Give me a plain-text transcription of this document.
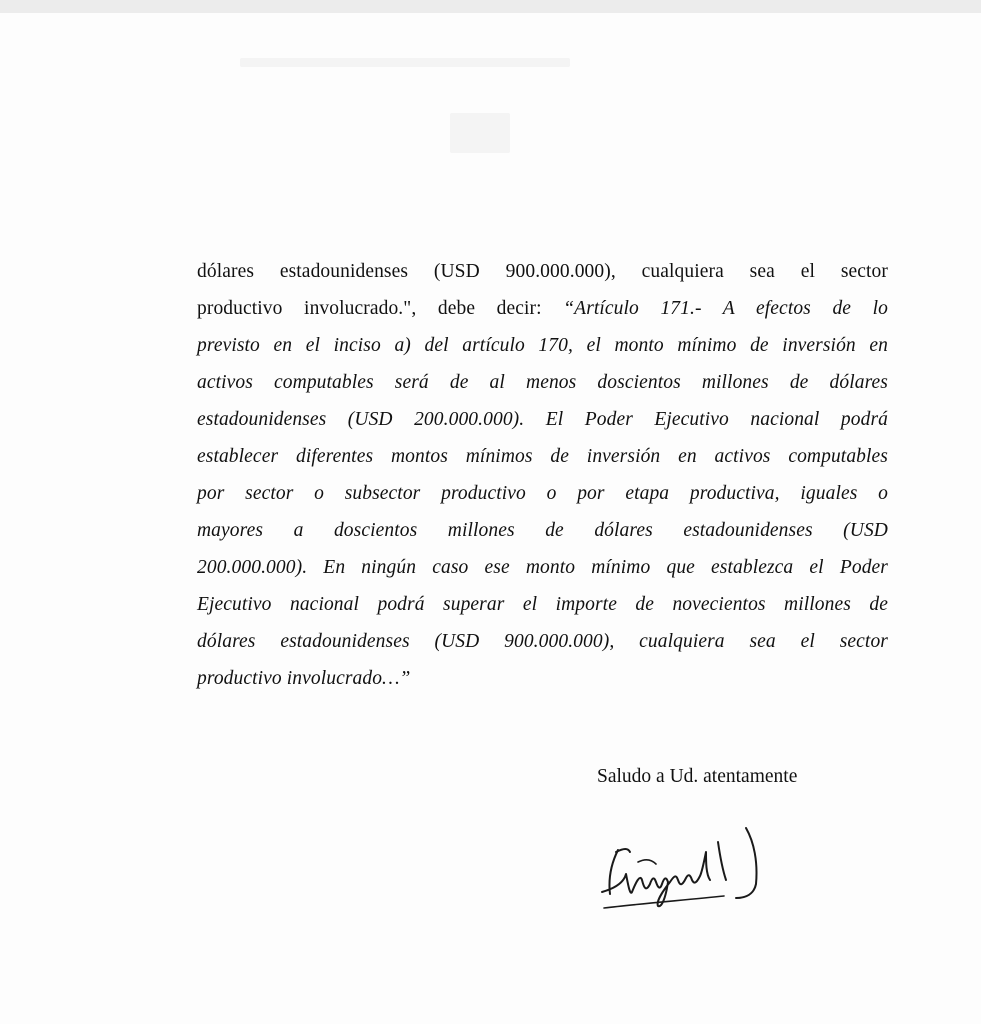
dólares estadounidenses (USD 900.000.000), cualquiera sea el sector
productivo involucrado.", debe decir: “Artículo 171.- A efectos de lo
previsto en el inciso a) del artículo 170, el monto mínimo de inversión en
activos computables será de al menos doscientos millones de dólares
estadounidenses (USD 200.000.000). El Poder Ejecutivo nacional podrá
establecer diferentes montos mínimos de inversión en activos computables
por sector o subsector productivo o por etapa productiva, iguales o
mayores a doscientos millones de dólares estadounidenses (USD
200.000.000). En ningún caso ese monto mínimo que establezca el Poder
Ejecutivo nacional podrá superar el importe de novecientos millones de
dólares estadounidenses (USD 900.000.000), cualquiera sea el sector
productivo involucrado…”
Saludo a Ud. atentamente
